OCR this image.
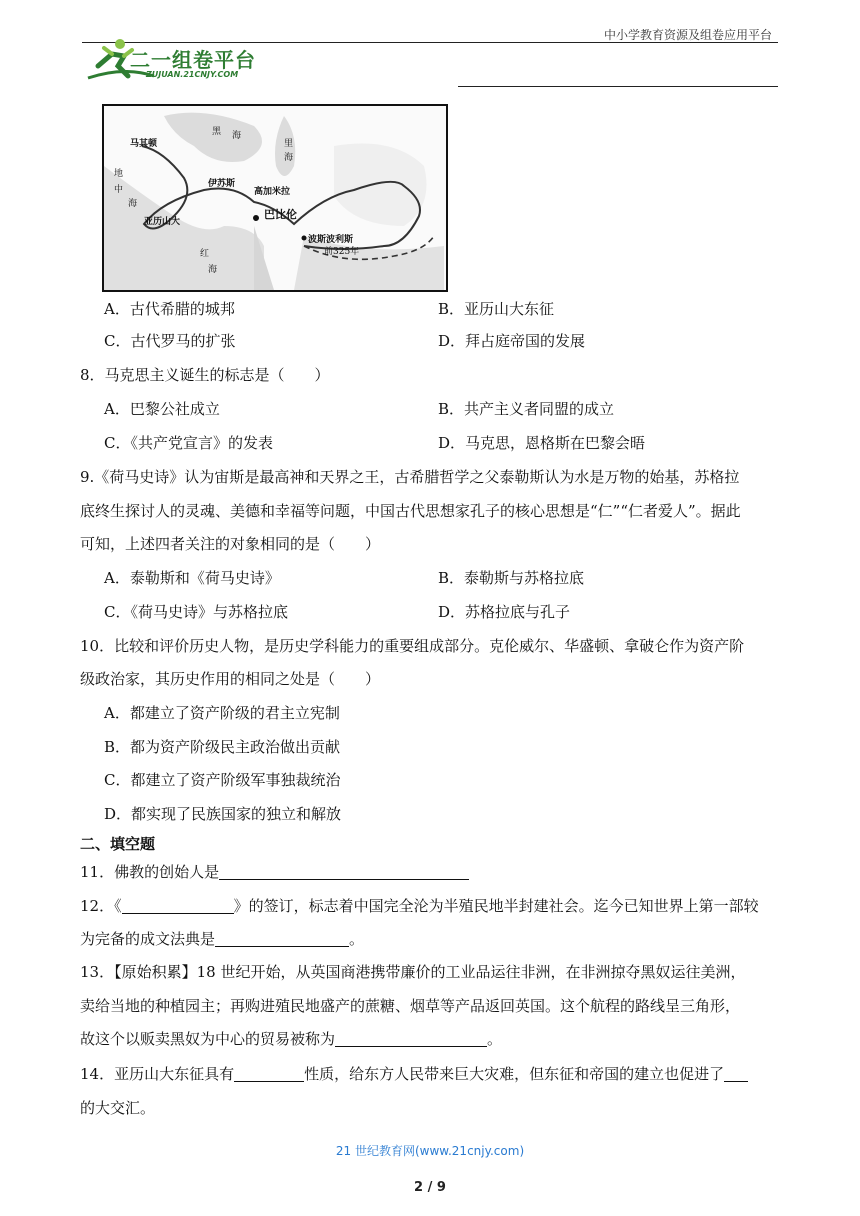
中小学教育资源及组卷应用平台
二一组卷平台
ZUJUAN.21CNJY.COM
马其顿
伊苏斯
高加米拉
巴比伦
亚历山大
波斯波利斯
前325年
黑 海
里
海
地
中
海
红
海
A．古代希腊的城邦	B．亚历山大东征
C．古代罗马的扩张	D．拜占庭帝国的发展
8．马克思主义诞生的标志是（　　）
A．巴黎公社成立	B．共产主义者同盟的成立
C．《共产党宣言》的发表	D．马克思，恩格斯在巴黎会晤
9.《荷马史诗》认为宙斯是最高神和天界之王，古希腊哲学之父泰勒斯认为水是万物的始基，苏格拉
底终生探讨人的灵魂、美德和幸福等问题，中国古代思想家孔子的核心思想是“仁”“仁者爱人”。据此
可知，上述四者关注的对象相同的是（　　）
A．泰勒斯和《荷马史诗》	B．泰勒斯与苏格拉底
C．《荷马史诗》与苏格拉底	D．苏格拉底与孔子
10．比较和评价历史人物，是历史学科能力的重要组成部分。克伦威尔、华盛顿、拿破仑作为资产阶
级政治家，其历史作用的相同之处是（　　）
A．都建立了资产阶级的君主立宪制
B．都为资产阶级民主政治做出贡献
C．都建立了资产阶级军事独裁统治
D．都实现了民族国家的独立和解放
二、填空题
11．佛教的创始人是
12．《	》的签订，标志着中国完全沦为半殖民地半封建社会。迄今已知世界上第一部较
为完备的成文法典是	。
13．【原始积累】18 世纪开始，从英国商港携带廉价的工业品运往非洲，在非洲掠夺黑奴运往美洲，
卖给当地的种植园主；再购进殖民地盛产的蔗糖、烟草等产品返回英国。这个航程的路线呈三角形，
故这个以贩卖黑奴为中心的贸易被称为	。
14．亚历山大东征具有	性质，给东方人民带来巨大灾难，但东征和帝国的建立也促进了
的大交汇。
21 世纪教育网(www.21cnjy.com)
2 / 9
